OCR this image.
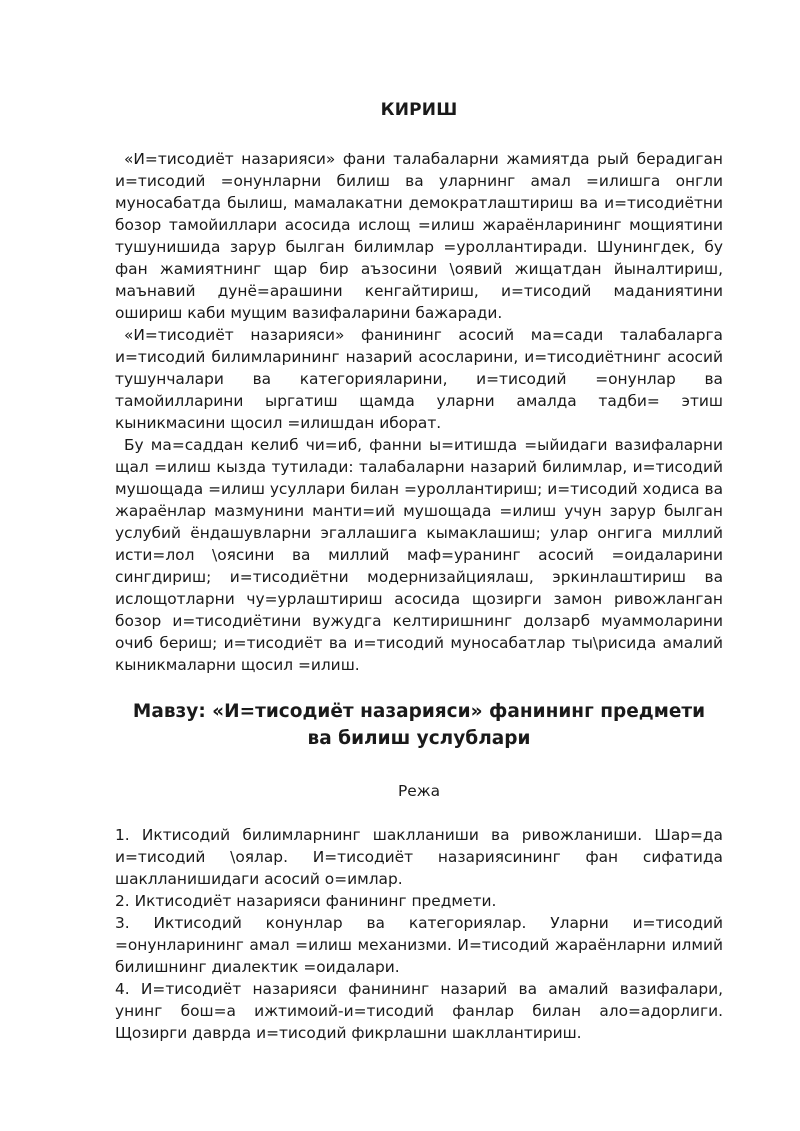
КИРИШ

«И=тисодиёт назарияси» фани талабаларни жамиятда рый берадиган и=тисодий =онунларни билиш ва уларнинг амал =илишга онгли муносабатда былиш, мамалакатни демократлаштириш ва и=тисодиётни бозор тамойиллари асосида ислощ =илиш жараёнларининг мощиятини тушунишида зарур былган билимлар =уроллантиради. Шунингдек, бу фан жамиятнинг щар бир аъзосини \оявий жищатдан йыналтириш, маънавий дунё=арашини кенгайтириш, и=тисодий маданиятини ошириш каби мущим вазифаларини бажаради.

«И=тисодиёт назарияси» фанининг асосий ма=сади талабаларга и=тисодий билимларининг назарий асосларини, и=тисодиётнинг асосий тушунчалари ва категорияларини, и=тисодий =онунлар ва тамойилларини ыргатиш щамда уларни амалда тадби= этиш кыникмасини щосил =илишдан иборат.

Бу ма=саддан келиб чи=иб, фанни ы=итишда =ыйидаги вазифаларни щал =илиш кызда тутилади: талабаларни назарий билимлар, и=тисодий мушощада =илиш усуллари билан =уроллантириш; и=тисодий ходиса ва жараёнлар мазмунини манти=ий мушощада =илиш учун зарур былган услубий ёндашувларни эгаллашига кымаклашиш; улар онгига миллий исти=лол \оясини ва миллий маф=уранинг асосий =оидаларини сингдириш; и=тисодиётни модернизайциялаш, эркинлаштириш ва ислощотларни чу=урлаштириш асосида щозирги замон ривожланган бозор и=тисодиётини вужудга келтиришнинг долзарб муаммоларини очиб бериш; и=тисодиёт ва и=тисодий муносабатлар ты\рисида амалий кыникмаларни щосил =илиш.

Мавзу: «И=тисодиёт назарияси» фанининг предмети ва билиш услублари
Режа

1. Иктисодий билимларнинг шаклланиши ва ривожланиши. Шар=да и=тисодий \оялар. И=тисодиёт назариясининг фан сифатида шаклланишидаги асосий о=имлар.

2. Иктисодиёт назарияси фанининг предмети.

3. Иктисодий конунлар ва категориялар. Уларни и=тисодий =онунларининг амал =илиш механизми. И=тисодий жараёнларни илмий билишнинг диалектик =оидалари.

4. И=тисодиёт назарияси фанининг назарий ва амалий вазифалари, унинг бош=а ижтимоий-и=тисодий фанлар билан ало=адорлиги. Щозирги даврда и=тисодий фикрлашни шакллантириш.
